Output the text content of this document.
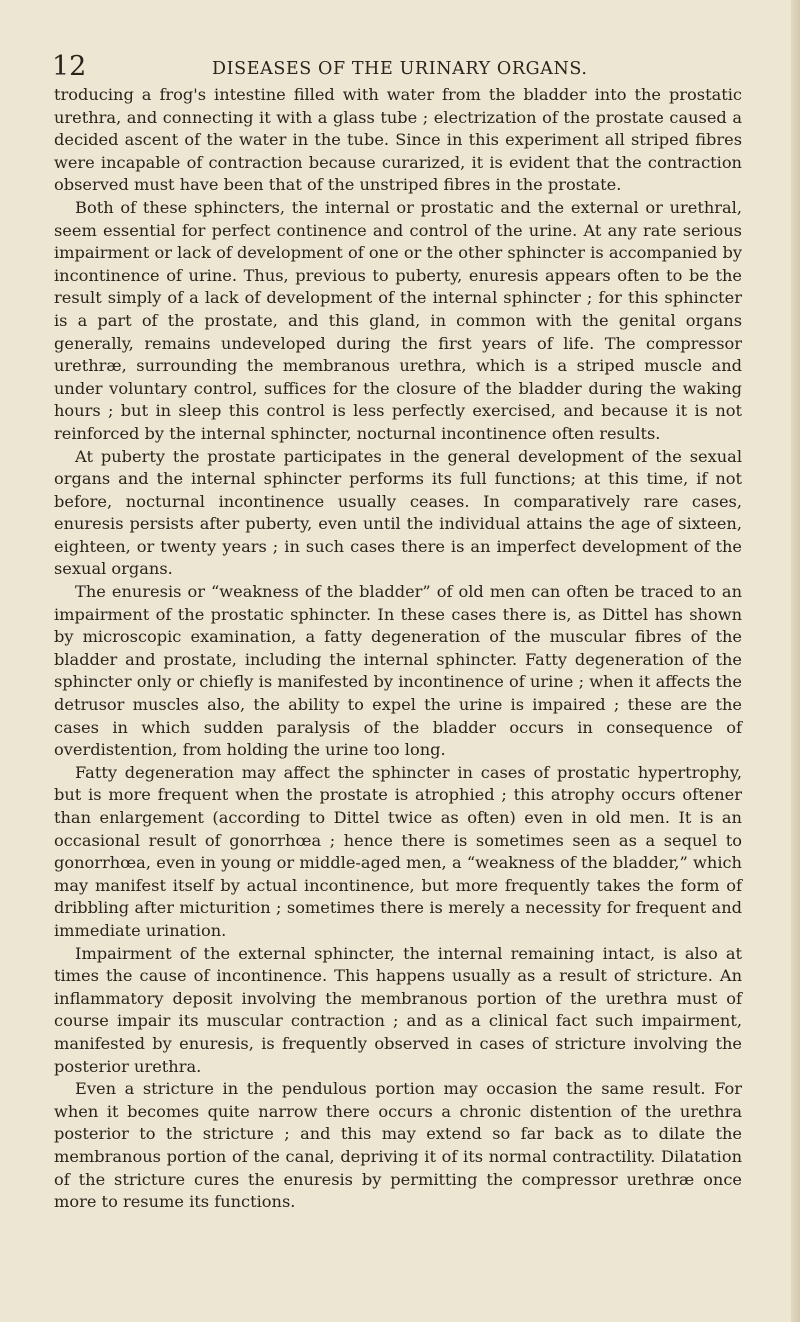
12	DISEASES OF THE URINARY ORGANS.

troducing a frog's intestine filled with water from the bladder into the prostatic urethra, and connecting it with a glass tube ; electrization of the prostate caused a decided ascent of the water in the tube. Since in this experiment all striped fibres were incapable of contraction because curarized, it is evident that the contraction observed must have been that of the unstriped fibres in the prostate.

Both of these sphincters, the internal or prostatic and the external or urethral, seem essential for perfect continence and control of the urine. At any rate serious impairment or lack of development of one or the other sphincter is accompanied by incontinence of urine. Thus, previous to puberty, enuresis appears often to be the result simply of a lack of development of the internal sphincter ; for this sphincter is a part of the prostate, and this gland, in common with the genital organs generally, remains undeveloped during the first years of life. The compressor urethræ, surrounding the membranous urethra, which is a striped muscle and under voluntary control, suffices for the closure of the bladder during the waking hours ; but in sleep this control is less perfectly exercised, and because it is not reinforced by the internal sphincter, nocturnal incontinence often results.

At puberty the prostate participates in the general development of the sexual organs and the internal sphincter performs its full functions; at this time, if not before, nocturnal incontinence usually ceases. In comparatively rare cases, enuresis persists after puberty, even until the individual attains the age of sixteen, eighteen, or twenty years ; in such cases there is an imperfect development of the sexual organs.

The enuresis or “weakness of the bladder” of old men can often be traced to an impairment of the prostatic sphincter. In these cases there is, as Dittel has shown by microscopic examination, a fatty degeneration of the muscular fibres of the bladder and prostate, including the internal sphincter. Fatty degeneration of the sphincter only or chiefly is manifested by incontinence of urine ; when it affects the detrusor muscles also, the ability to expel the urine is impaired ; these are the cases in which sudden paralysis of the bladder occurs in consequence of overdistention, from holding the urine too long.

Fatty degeneration may affect the sphincter in cases of prostatic hypertrophy, but is more frequent when the prostate is atrophied ; this atrophy occurs oftener than enlargement (according to Dittel twice as often) even in old men. It is an occasional result of gonorrhœa ; hence there is sometimes seen as a sequel to gonorrhœa, even in young or middle-aged men, a “weakness of the bladder,” which may manifest itself by actual incontinence, but more frequently takes the form of dribbling after micturition ; sometimes there is merely a necessity for frequent and immediate urination.

Impairment of the external sphincter, the internal remaining intact, is also at times the cause of incontinence. This happens usually as a result of stricture. An inflammatory deposit involving the membranous portion of the urethra must of course impair its muscular contraction ; and as a clinical fact such impairment, manifested by enuresis, is frequently observed in cases of stricture involving the posterior urethra.

Even a stricture in the pendulous portion may occasion the same result. For when it becomes quite narrow there occurs a chronic distention of the urethra posterior to the stricture ; and this may extend so far back as to dilate the membranous portion of the canal, depriving it of its normal contractility. Dilatation of the stricture cures the enuresis by permitting the compressor urethræ once more to resume its functions.
